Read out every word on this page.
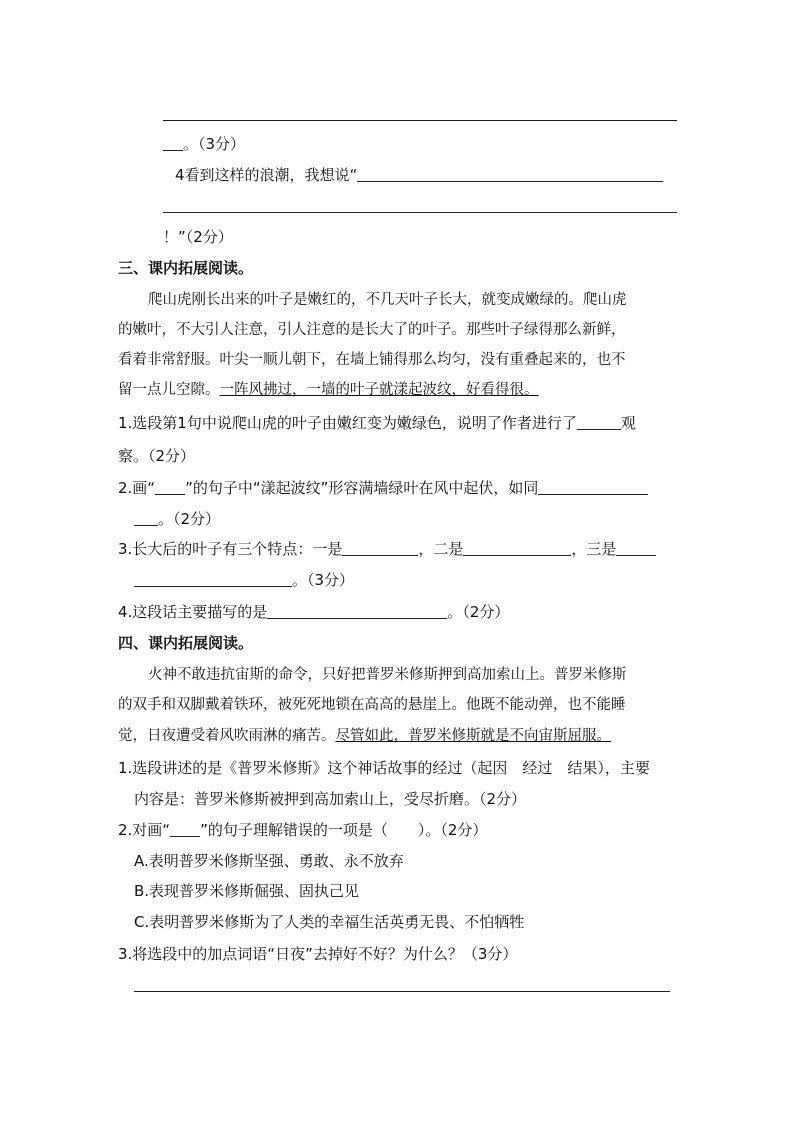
。（3分）
4看到这样的浪潮，我想说“
！”（2分）
三、课内拓展阅读。
爬山虎刚长出来的叶子是嫩红的，不几天叶子长大，就变成嫩绿的。爬山虎
的嫩叶，不大引人注意，引人注意的是长大了的叶子。那些叶子绿得那么新鲜，
看着非常舒服。叶尖一顺儿朝下，在墙上铺得那么均匀，没有重叠起来的，也不
留一点儿空隙。一阵风拂过，一墙的叶子就漾起波纹，好看得很。
1.选段第1句中说爬山虎的叶子由嫩红变为嫩绿色，说明了作者进行了	观
察。（2分）
2.画“ ”的句子中“漾起波纹”形容满墙绿叶在风中起伏，如同
。（2分）
3.长大后的叶子有三个特点：一是	，二是	，三是
。（3分）
4.这段话主要描写的是	。（2分）
四、课内拓展阅读。
火神不敢违抗宙斯的命令，只好把普罗米修斯押到高加索山上。普罗米修斯
的双手和双脚戴着铁环，被死死地锁在高高的悬崖上。他既不能动弹，也不能睡
觉，日夜遭受着风吹雨淋的痛苦。尽管如此，普罗米修斯就是不向宙斯屈服。
1.选段讲述的是《普罗米修斯》这个神话故事的经过（起因　经过　结果），主要
内容是：普罗米修斯被押到高加索山上，受尽折磨。（2分）
2.对画“ ”的句子理解错误的一项是（　　）。（2分）
A.表明普罗米修斯坚强、勇敢、永不放弃
B.表现普罗米修斯倔强、固执己见
C.表明普罗米修斯为了人类的幸福生活英勇无畏、不怕牺牲
3.将选段中的加点词语“日夜”去掉好不好？为什么？（3分）
